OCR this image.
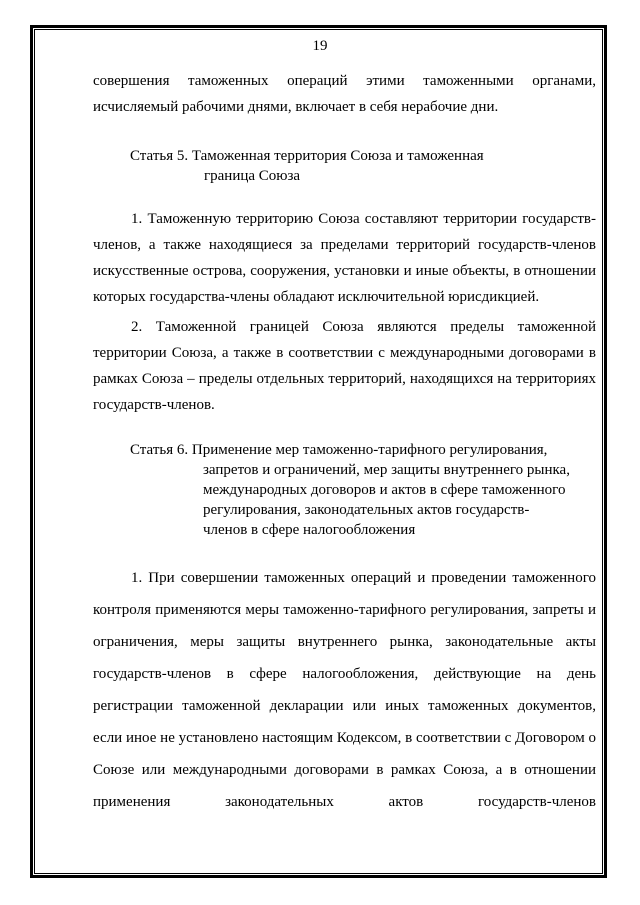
19

совершения таможенных операций этими таможенными органами, исчисляемый рабочими днями, включает в себя нерабочие дни.

Статья 5. Таможенная территория Союза и таможенная
граница Союза

1. Таможенную территорию Союза составляют территории государств-членов, а также находящиеся за пределами территорий государств-членов искусственные острова, сооружения, установки и иные объекты, в отношении которых государства-члены обладают исключительной юрисдикцией.

2. Таможенной границей Союза являются пределы таможенной территории Союза, а также в соответствии с международными договорами в рамках Союза – пределы отдельных территорий, находящихся на территориях государств-членов.

Статья 6. Применение мер таможенно-тарифного регулирования,
запретов и ограничений, мер защиты внутреннего рынка,
международных договоров и актов в сфере таможенного
регулирования, законодательных актов государств-
членов в сфере налогообложения

1. При совершении таможенных операций и проведении таможенного контроля применяются меры таможенно-тарифного регулирования, запреты и ограничения, меры защиты внутреннего рынка, законодательные акты государств-членов в сфере налогообложения, действующие на день регистрации таможенной декларации или иных таможенных документов, если иное не установлено настоящим Кодексом, в соответствии с Договором о Союзе или международными договорами в рамках Союза, а в отношении применения законодательных актов государств-членов
